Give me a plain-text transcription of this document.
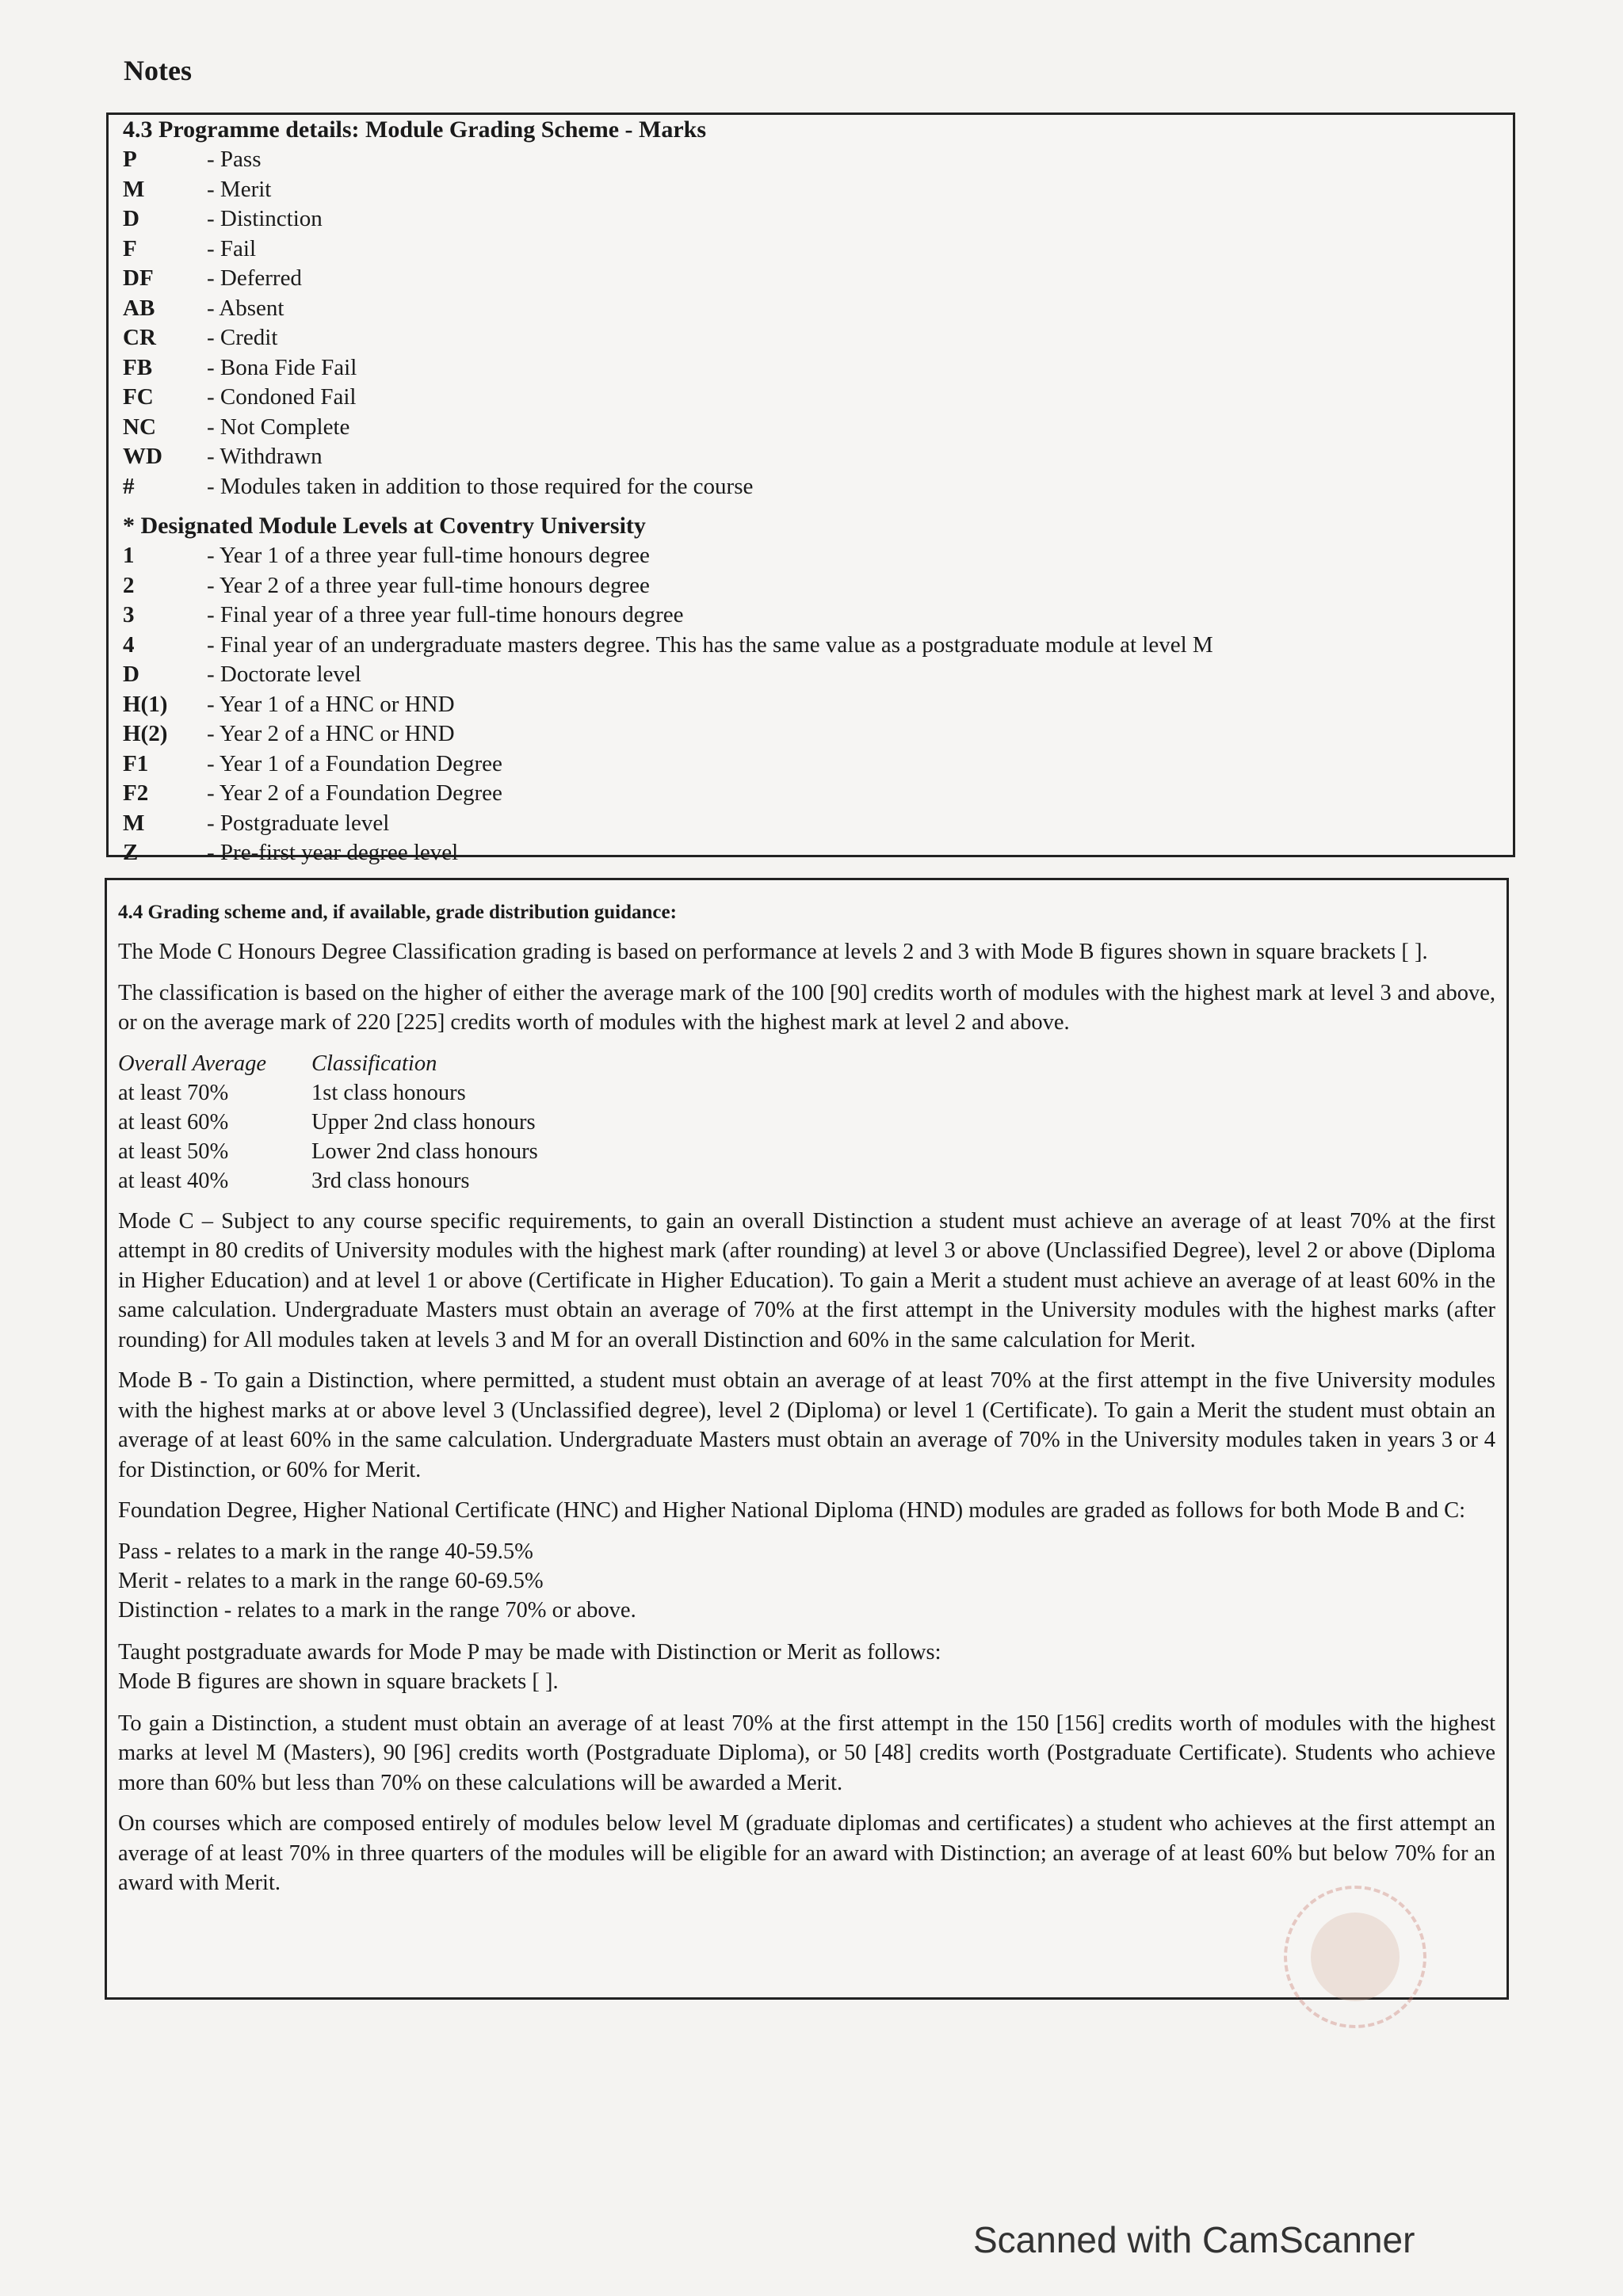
Notes
4.3 Programme details: Module Grading Scheme - Marks
P	- Pass
M	- Merit
D	- Distinction
F	- Fail
DF	- Deferred
AB	- Absent
CR	- Credit
FB	- Bona Fide Fail
FC	- Condoned Fail
NC	- Not Complete
WD	- Withdrawn
#	- Modules taken in addition to those required for the course
* Designated Module Levels at Coventry University
1	- Year 1 of a three year full-time honours degree
2	- Year 2 of a three year full-time honours degree
3	- Final year of a three year full-time honours degree
4	- Final year of an undergraduate masters degree. This has the same value as a postgraduate module at level M
D	- Doctorate level
H(1)	- Year 1 of a HNC or HND
H(2)	- Year 2 of a HNC or HND
F1	- Year 1 of a Foundation Degree
F2	- Year 2 of a Foundation Degree
M	- Postgraduate level
Z	- Pre-first year degree level
4.4 Grading scheme and, if available, grade distribution guidance:

The Mode C Honours Degree Classification grading is based on performance at levels 2 and 3 with Mode B figures shown in square brackets [ ].

The classification is based on the higher of either the average mark of the 100 [90] credits worth of modules with the highest mark at level 3 and above, or on the average mark of 220 [225] credits worth of modules with the highest mark at level 2 and above.

Overall Average	Classification
at least 70%	1st class honours
at least 60%	Upper 2nd class honours
at least 50%	Lower 2nd class honours
at least 40%	3rd class honours

Mode C – Subject to any course specific requirements, to gain an overall Distinction a student must achieve an average of at least 70% at the first attempt in 80 credits of University modules with the highest mark (after rounding) at level 3 or above (Unclassified Degree), level 2 or above (Diploma in Higher Education) and at level 1 or above (Certificate in Higher Education). To gain a Merit a student must achieve an average of at least 60% in the same calculation. Undergraduate Masters must obtain an average of 70% at the first attempt in the University modules with the highest marks (after rounding) for All modules taken at levels 3 and M for an overall Distinction and 60% in the same calculation for Merit.

Mode B - To gain a Distinction, where permitted, a student must obtain an average of at least 70% at the first attempt in the five University modules with the highest marks at or above level 3 (Unclassified degree), level 2 (Diploma) or level 1 (Certificate). To gain a Merit the student must obtain an average of at least 60% in the same calculation. Undergraduate Masters must obtain an average of 70% in the University modules taken in years 3 or 4 for Distinction, or 60% for Merit.

Foundation Degree, Higher National Certificate (HNC) and Higher National Diploma (HND) modules are graded as follows for both Mode B and C:

Pass - relates to a mark in the range 40-59.5%
Merit - relates to a mark in the range 60-69.5%
Distinction - relates to a mark in the range 70% or above.
Taught postgraduate awards for Mode P may be made with Distinction or Merit as follows:
Mode B figures are shown in square brackets [ ].

To gain a Distinction, a student must obtain an average of at least 70% at the first attempt in the 150 [156] credits worth of modules with the highest marks at level M (Masters), 90 [96] credits worth (Postgraduate Diploma), or 50 [48] credits worth (Postgraduate Certificate). Students who achieve more than 60% but less than 70% on these calculations will be awarded a Merit.

On courses which are composed entirely of modules below level M (graduate diplomas and certificates) a student who achieves at the first attempt an average of at least 70% in three quarters of the modules will be eligible for an award with Distinction; an average of at least 60% but below 70% for an award with Merit.

Scanned with CamScanner
